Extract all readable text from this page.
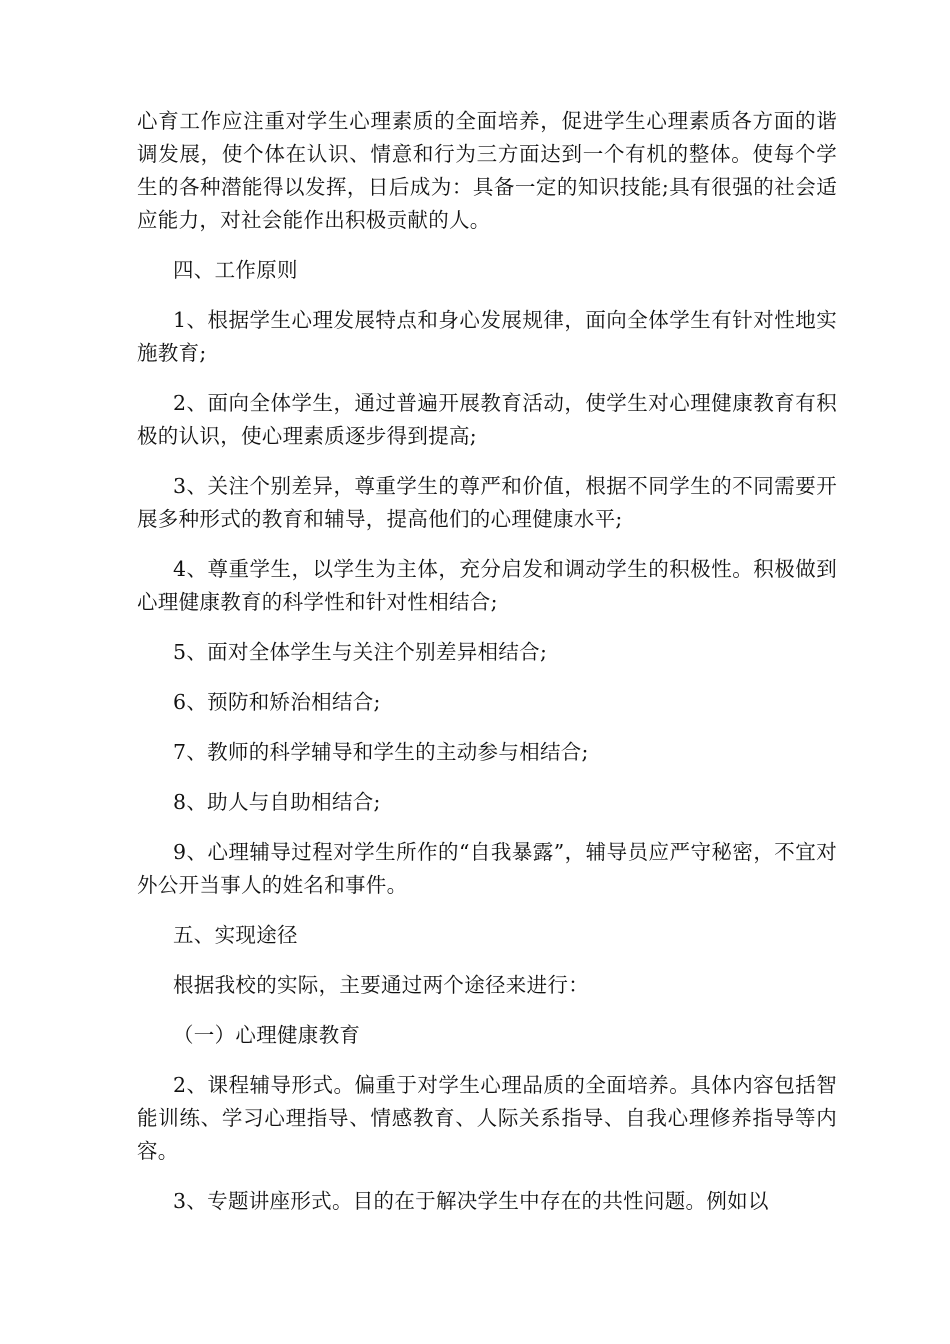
心育工作应注重对学生心理素质的全面培养，促进学生心理素质各方面的谐调发展，使个体在认识、情意和行为三方面达到一个有机的整体。使每个学生的各种潜能得以发挥，日后成为：具备一定的知识技能;具有很强的社会适应能力，对社会能作出积极贡献的人。

四、工作原则

1、根据学生心理发展特点和身心发展规律，面向全体学生有针对性地实施教育;

2、面向全体学生，通过普遍开展教育活动，使学生对心理健康教育有积极的认识，使心理素质逐步得到提高;

3、关注个别差异，尊重学生的尊严和价值，根据不同学生的不同需要开展多种形式的教育和辅导，提高他们的心理健康水平;

4、尊重学生，以学生为主体，充分启发和调动学生的积极性。积极做到心理健康教育的科学性和针对性相结合;

5、面对全体学生与关注个别差异相结合;

6、预防和矫治相结合;

7、教师的科学辅导和学生的主动参与相结合;

8、助人与自助相结合;

9、心理辅导过程对学生所作的“自我暴露”，辅导员应严守秘密，不宜对外公开当事人的姓名和事件。

五、实现途径

根据我校的实际，主要通过两个途径来进行：

（一）心理健康教育

2、课程辅导形式。偏重于对学生心理品质的全面培养。具体内容包括智能训练、学习心理指导、情感教育、人际关系指导、自我心理修养指导等内容。

3、专题讲座形式。目的在于解决学生中存在的共性问题。例如以
